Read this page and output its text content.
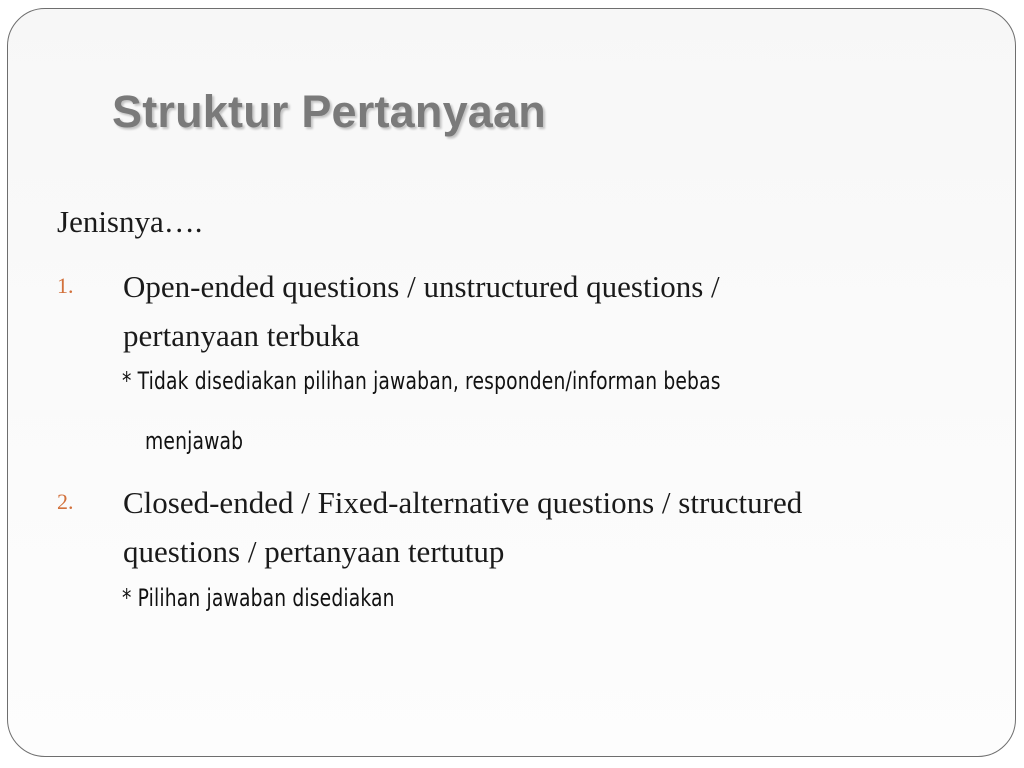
Struktur Pertanyaan
Jenisnya….
1. Open-ended questions / unstructured questions /
pertanyaan terbuka
* Tidak disediakan pilihan jawaban, responden/informan bebas
menjawab
2. Closed-ended / Fixed-alternative questions / structured
questions / pertanyaan tertutup
* Pilihan jawaban disediakan
